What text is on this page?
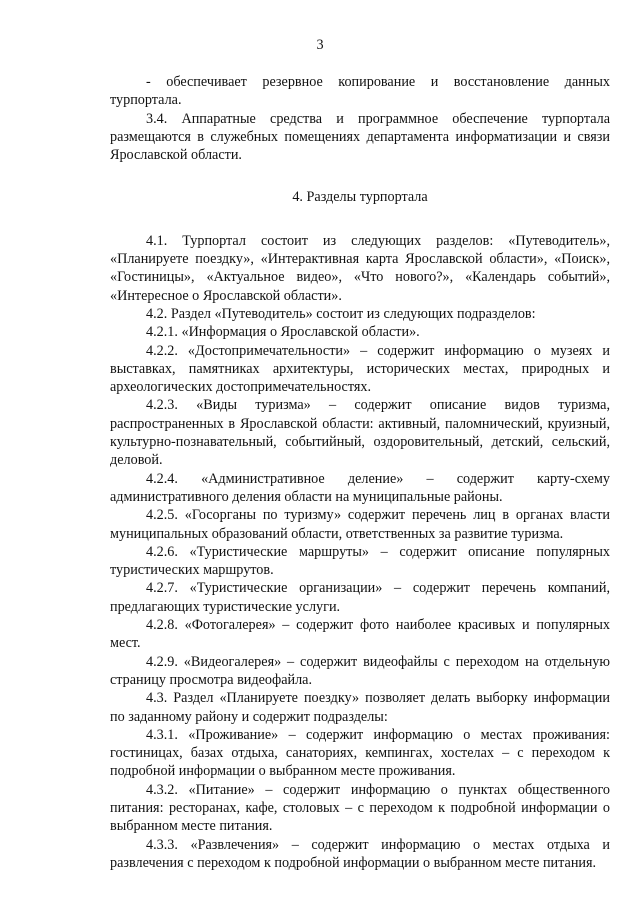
3

- обеспечивает резервное копирование и восстановление данных турпортала.

3.4. Аппаратные средства и программное обеспечение турпортала размещаются в служебных помещениях департамента информатизации и связи Ярославской области.

4. Разделы турпортала

4.1. Турпортал состоит из следующих разделов: «Путеводитель», «Планируете поездку», «Интерактивная карта Ярославской области», «Поиск», «Гостиницы», «Актуальное видео», «Что нового?», «Календарь событий», «Интересное о Ярославской области».

4.2. Раздел «Путеводитель» состоит из следующих подразделов:

4.2.1. «Информация о Ярославской области».

4.2.2. «Достопримечательности» – содержит информацию о музеях и выставках, памятниках архитектуры, исторических местах, природных и археологических достопримечательностях.

4.2.3. «Виды туризма» – содержит описание видов туризма, распространенных в Ярославской области: активный, паломнический, круизный, культурно-познавательный, событийный, оздоровительный, детский, сельский, деловой.

4.2.4. «Административное деление» – содержит карту-схему административного деления области на муниципальные районы.

4.2.5. «Госорганы по туризму» содержит перечень лиц в органах власти муниципальных образований области, ответственных за развитие туризма.

4.2.6. «Туристические маршруты» – содержит описание популярных туристических маршрутов.

4.2.7. «Туристические организации» – содержит перечень компаний, предлагающих туристические услуги.

4.2.8. «Фотогалерея» – содержит фото наиболее красивых и популярных мест.

4.2.9. «Видеогалерея» – содержит видеофайлы с переходом на отдельную страницу просмотра видеофайла.

4.3. Раздел «Планируете поездку» позволяет делать выборку информации по заданному району и содержит подразделы:

4.3.1. «Проживание» – содержит информацию о местах проживания: гостиницах, базах отдыха, санаториях, кемпингах, хостелах – с переходом к подробной информации о выбранном месте проживания.

4.3.2. «Питание» – содержит информацию о пунктах общественного питания: ресторанах, кафе, столовых – с переходом к подробной информации о выбранном месте питания.

4.3.3. «Развлечения» – содержит информацию о местах отдыха и развлечения с переходом к подробной информации о выбранном месте питания.
